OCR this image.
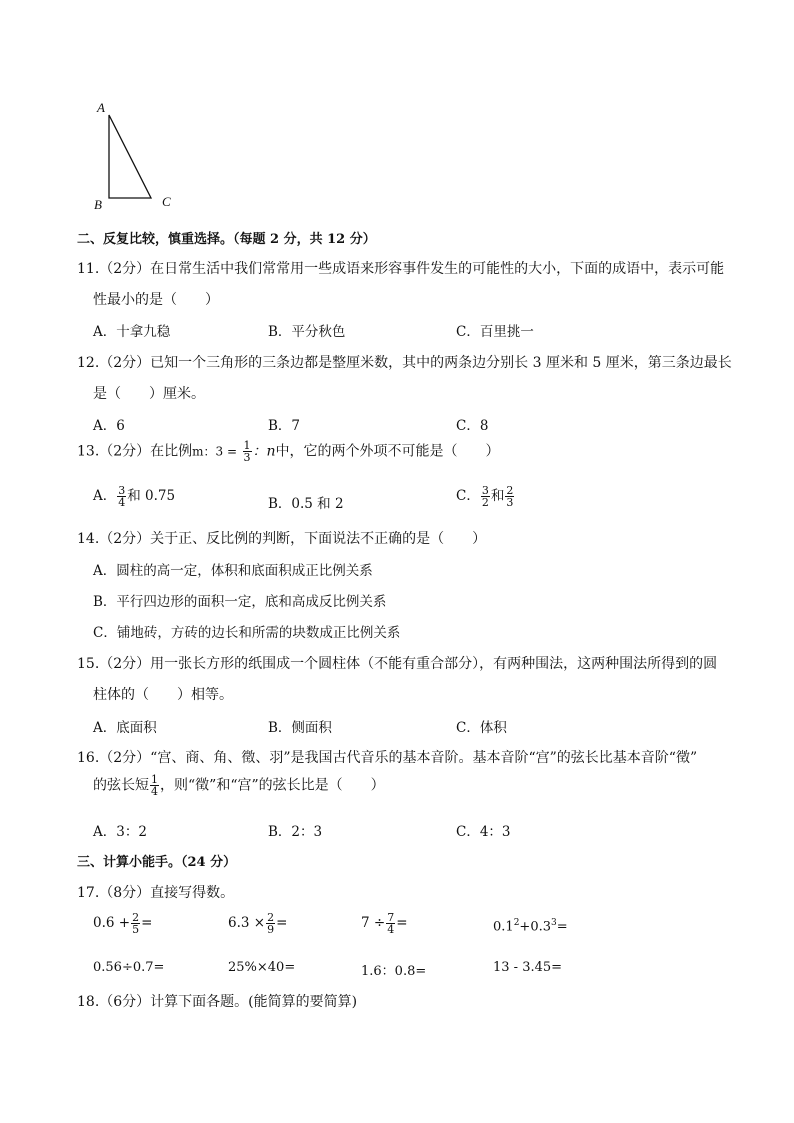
A
B	C
二、反复比较，慎重选择。（每题 2 分，共 12 分）
11.（2分）在日常生活中我们常常用一些成语来形容事件发生的可能性的大小，下面的成语中，表示可能
性最小的是（　　）
A．十拿九稳	B．平分秋色	C．百里挑一
12.（2分）已知一个三角形的三条边都是整厘米数，其中的两条边分别长 3 厘米和 5 厘米，第三条边最长
是（　　）厘米。
A．6	B．7	C．8
13.（2分）在比例m：$3 = \frac{1}{3}$ ：n中，它的两个外项不可能是（　　）
A． $\frac{3}{4}$ 和 0.75	B．0.5 和 2	C． $\frac{3}{2}$ 和 $\frac{2}{3}$
14.（2分）关于正、反比例的判断，下面说法不正确的是（　　）
A．圆柱的高一定，体积和底面积成正比例关系
B．平行四边形的面积一定，底和高成反比例关系
C．铺地砖，方砖的边长和所需的块数成正比例关系
15.（2分）用一张长方形的纸围成一个圆柱体（不能有重合部分），有两种围法，这两种围法所得到的圆
柱体的（　　）相等。
A．底面积	B．侧面积	C．体积
16.（2分）“宫、商、角、徵、羽”是我国古代音乐的基本音阶。基本音阶“宫”的弦长比基本音阶“徵”
的弦长短 $\frac{1}{4}$ ，则“徵”和“宫”的弦长比是（　　）
A．3：2	B．2：3	C．4：3
三、计算小能手。（24 分）
17.（8分）直接写得数。
$0.6 + \frac{2}{5}$ =	$6.3 \times \frac{2}{9}$ =	$7 \div \frac{7}{4}$ =	$0.1^2+0.3^3=$
0.56÷0.7=	25%×40=	1.6：0.8=	13 - 3.45=
18.（6分）计算下面各题。(能简算的要简算)
